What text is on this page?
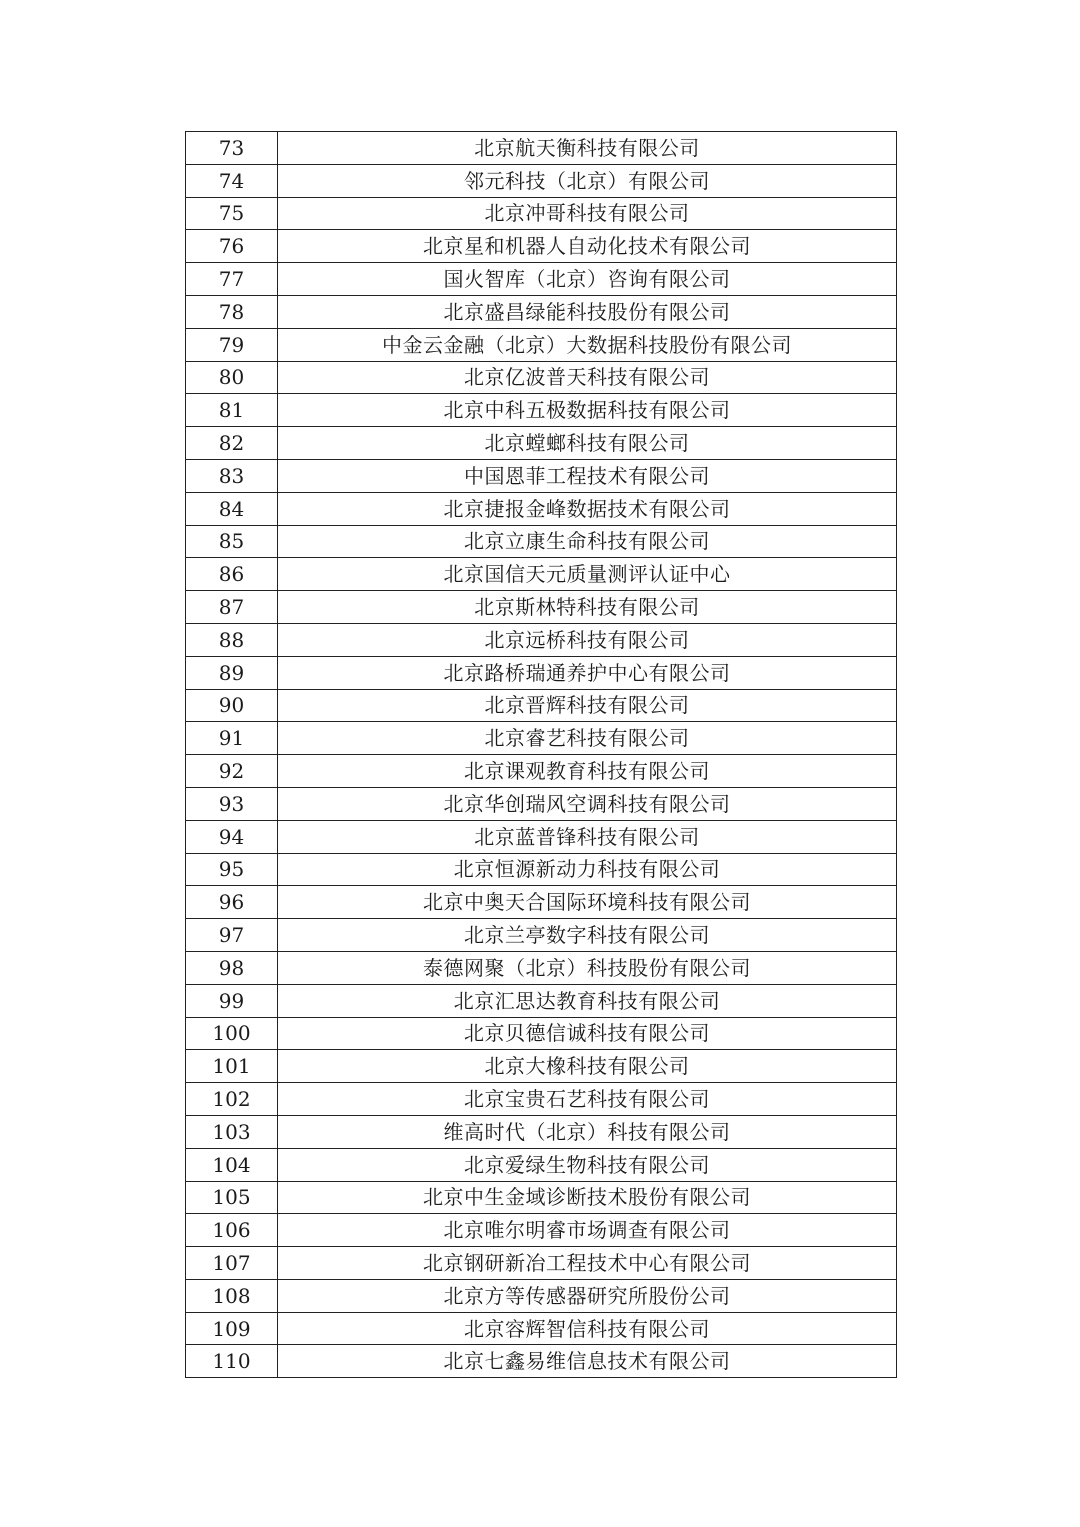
73	北京航天衡科技有限公司
74	邻元科技（北京）有限公司
75	北京冲哥科技有限公司
76	北京星和机器人自动化技术有限公司
77	国火智库（北京）咨询有限公司
78	北京盛昌绿能科技股份有限公司
79	中金云金融（北京）大数据科技股份有限公司
80	北京亿波普天科技有限公司
81	北京中科五极数据科技有限公司
82	北京螳螂科技有限公司
83	中国恩菲工程技术有限公司
84	北京捷报金峰数据技术有限公司
85	北京立康生命科技有限公司
86	北京国信天元质量测评认证中心
87	北京斯林特科技有限公司
88	北京远桥科技有限公司
89	北京路桥瑞通养护中心有限公司
90	北京晋辉科技有限公司
91	北京睿艺科技有限公司
92	北京课观教育科技有限公司
93	北京华创瑞风空调科技有限公司
94	北京蓝普锋科技有限公司
95	北京恒源新动力科技有限公司
96	北京中奥天合国际环境科技有限公司
97	北京兰亭数字科技有限公司
98	泰德网聚（北京）科技股份有限公司
99	北京汇思达教育科技有限公司
100	北京贝德信诚科技有限公司
101	北京大橡科技有限公司
102	北京宝贵石艺科技有限公司
103	维高时代（北京）科技有限公司
104	北京爱绿生物科技有限公司
105	北京中生金域诊断技术股份有限公司
106	北京唯尔明睿市场调查有限公司
107	北京钢研新冶工程技术中心有限公司
108	北京方等传感器研究所股份公司
109	北京容辉智信科技有限公司
110	北京七鑫易维信息技术有限公司
